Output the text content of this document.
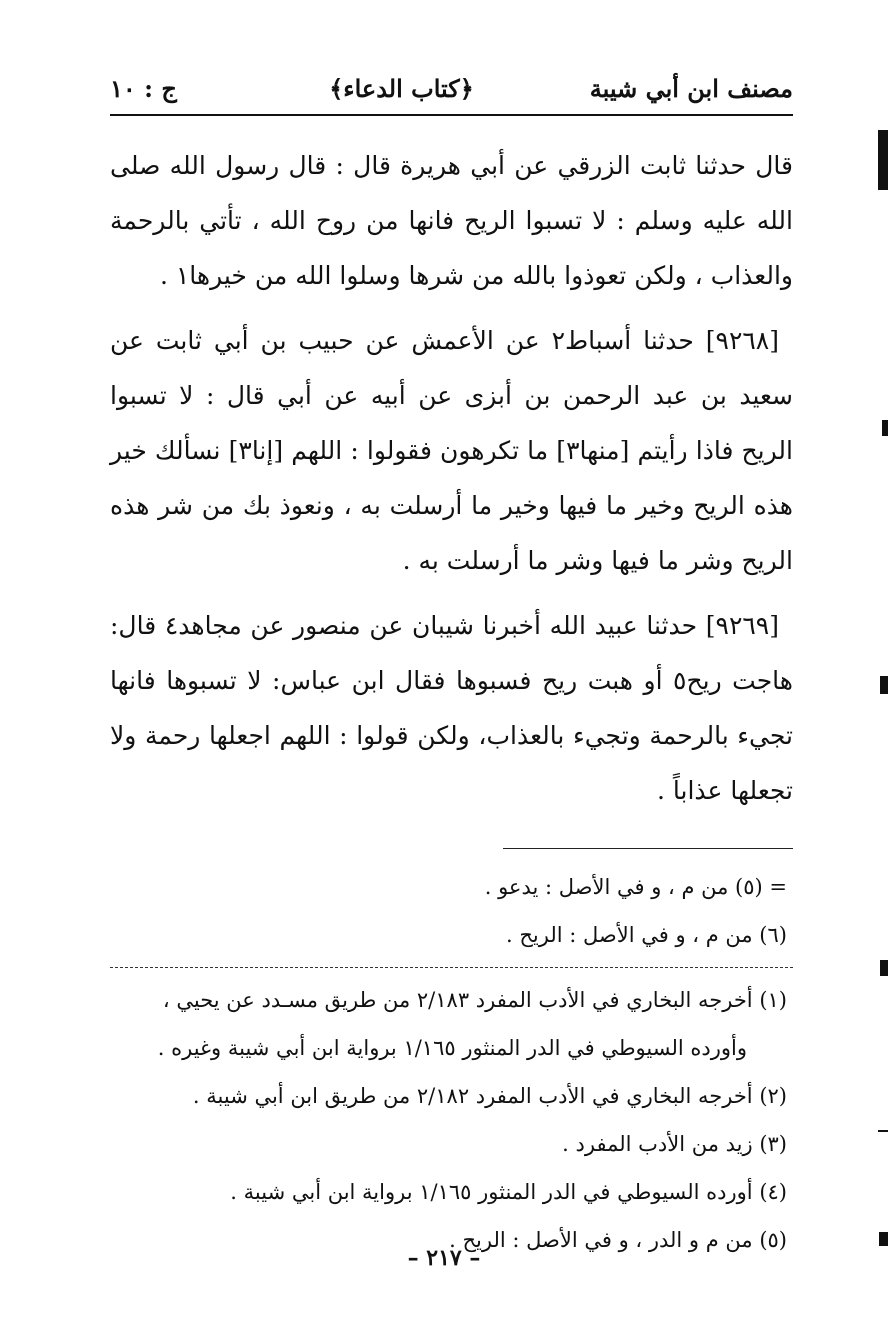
مصنف ابن أبي شيبة
﴿كتاب الدعاء﴾
ج : ١٠

قال حدثنا ثابت الزرقي عن أبي هريرة قال : قال رسول الله صلى الله عليه وسلم : لا تسبوا الريح فانها من روح الله ، تأتي بالرحمة والعذاب ، ولكن تعوذوا بالله من شرها وسلوا الله من خيرها١ .

[٩٢٦٨] حدثنا أسباط٢ عن الأعمش عن حبيب بن أبي ثابت عن سعيد بن عبد الرحمن بن أبزى عن أبيه عن أبي قال : لا تسبوا الريح فاذا رأيتم [منها٣] ما تكرهون فقولوا : اللهم [إنا٣] نسألك خير هذه الريح وخير ما فيها وخير ما أرسلت به ، ونعوذ بك من شر هذه الريح وشر ما فيها وشر ما أرسلت به .

[٩٢٦٩] حدثنا عبيد الله أخبرنا شيبان عن منصور عن مجاهد٤ قال: هاجت ريح٥ أو هبت ريح فسبوها فقال ابن عباس: لا تسبوها فانها تجيء بالرحمة وتجيء بالعذاب، ولكن قولوا : اللهم اجعلها رحمة ولا تجعلها عذاباً .

= (٥) من م ، و في الأصل : يدعو .

(٦) من م ، و في الأصل : الريح .

(١) أخرجه البخاري في الأدب المفرد ٢/١٨٣ من طريق مسـدد عن يحيي ،

وأورده السيوطي في الدر المنثور ١/١٦٥ برواية ابن أبي شيبة وغيره .

(٢) أخرجه البخاري في الأدب المفرد ٢/١٨٢ من طريق ابن أبي شيبة .

(٣) زيد من الأدب المفرد .

(٤) أورده السيوطي في الدر المنثور ١/١٦٥ برواية ابن أبي شيبة .

(٥) من م و الدر ، و في الأصل : الريح .

– ٢١٧ –
